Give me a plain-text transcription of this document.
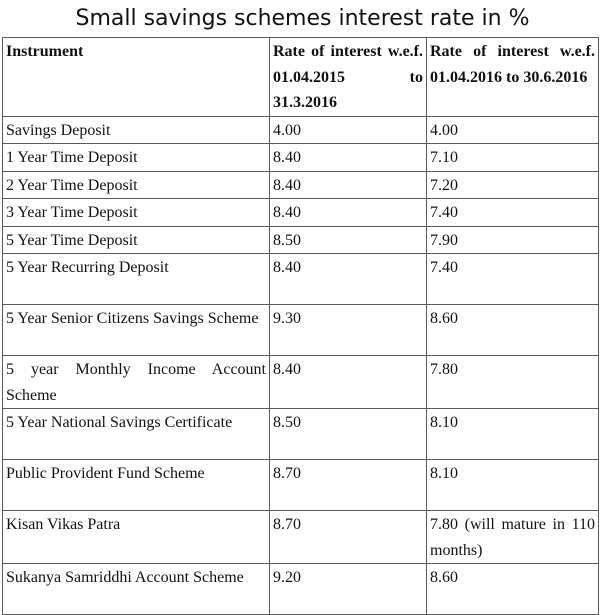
Small savings schemes interest rate in %
Instrument	Rate of interest w.e.f. 01.04.2015 to 31.3.2016	Rate of interest w.e.f. 01.04.2016 to 30.6.2016
Savings Deposit	4.00	4.00
1 Year Time Deposit	8.40	7.10
2 Year Time Deposit	8.40	7.20
3 Year Time Deposit	8.40	7.40
5 Year Time Deposit	8.50	7.90
5 Year Recurring Deposit	8.40	7.40
5 Year Senior Citizens Savings Scheme	9.30	8.60
5 year Monthly Income Account Scheme	8.40	7.80
5 Year National Savings Certificate	8.50	8.10
Public Provident Fund Scheme	8.70	8.10
Kisan Vikas Patra	8.70	7.80 (will mature in 110 months)
Sukanya Samriddhi Account Scheme	9.20	8.60
